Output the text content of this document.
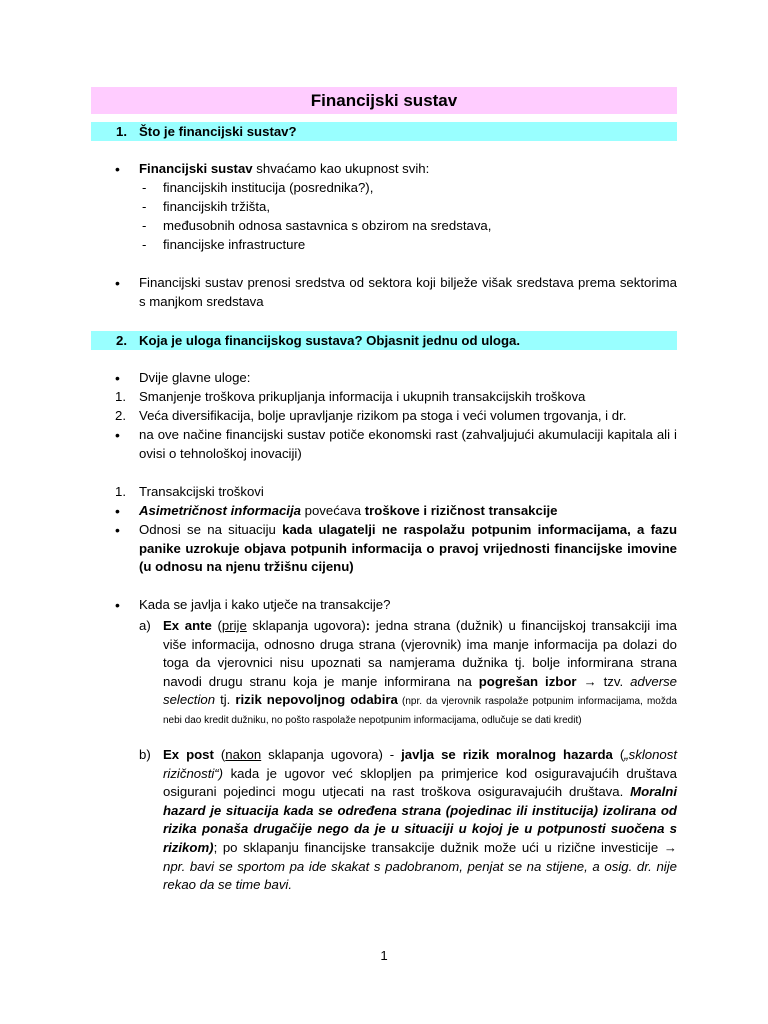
Financijski sustav
1. Što je financijski sustav?
• Financijski sustav shvaćamo kao ukupnost svih:
- financijskih institucija (posrednika?),
- financijskih tržišta,
- međusobnih odnosa sastavnica s obzirom na sredstava,
- financijske infrastructure
• Financijski sustav prenosi sredstva od sektora koji bilježe višak sredstava prema sektorima s manjkom sredstava
2. Koja je uloga financijskog sustava? Objasnit jednu od uloga.
• Dvije glavne uloge:
1. Smanjenje troškova prikupljanja informacija i ukupnih transakcijskih troškova
2. Veća diversifikacija, bolje upravljanje rizikom pa stoga i veći volumen trgovanja, i dr.
• na ove načine financijski sustav potiče ekonomski rast (zahvaljujući akumulaciji kapitala ali i ovisi o tehnološkoj inovaciji)
1. Transakcijski troškovi
• Asimetričnost informacija povećava troškove i rizičnost transakcije
• Odnosi se na situaciju kada ulagatelji ne raspolažu potpunim informacijama, a fazu panike uzrokuje objava potpunih informacija o pravoj vrijednosti financijske imovine (u odnosu na njenu tržišnu cijenu)
• Kada se javlja i kako utječe na transakcije?
a) Ex ante (prije sklapanja ugovora): jedna strana (dužnik) u financijskoj transakciji ima više informacija, odnosno druga strana (vjerovnik) ima manje informacija pa dolazi do toga da vjerovnici nisu upoznati sa namjerama dužnika tj. bolje informirana strana navodi drugu stranu koja je manje informirana na pogrešan izbor → tzv. adverse selection tj. rizik nepovoljnog odabira (npr. da vjerovnik raspolaže potpunim informacijama, možda nebi dao kredit dužniku, no pošto raspolaže nepotpunim informacijama, odlučuje se dati kredit)
b) Ex post (nakon sklapanja ugovora) - javlja se rizik moralnog hazarda („sklonost rizičnosti“) kada je ugovor već sklopljen pa primjerice kod osiguravajućih društava osigurani pojedinci mogu utjecati na rast troškova osiguravajućih društava. Moralni hazard je situacija kada se određena strana (pojedinac ili institucija) izolirana od rizika ponaša drugačije nego da je u situaciji u kojoj je u potpunosti suočena s rizikom); po sklapanju financijske transakcije dužnik može ući u rizične investicije → npr. bavi se sportom pa ide skakat s padobranom, penjat se na stijene, a osig. dr. nije rekao da se time bavi.
1
